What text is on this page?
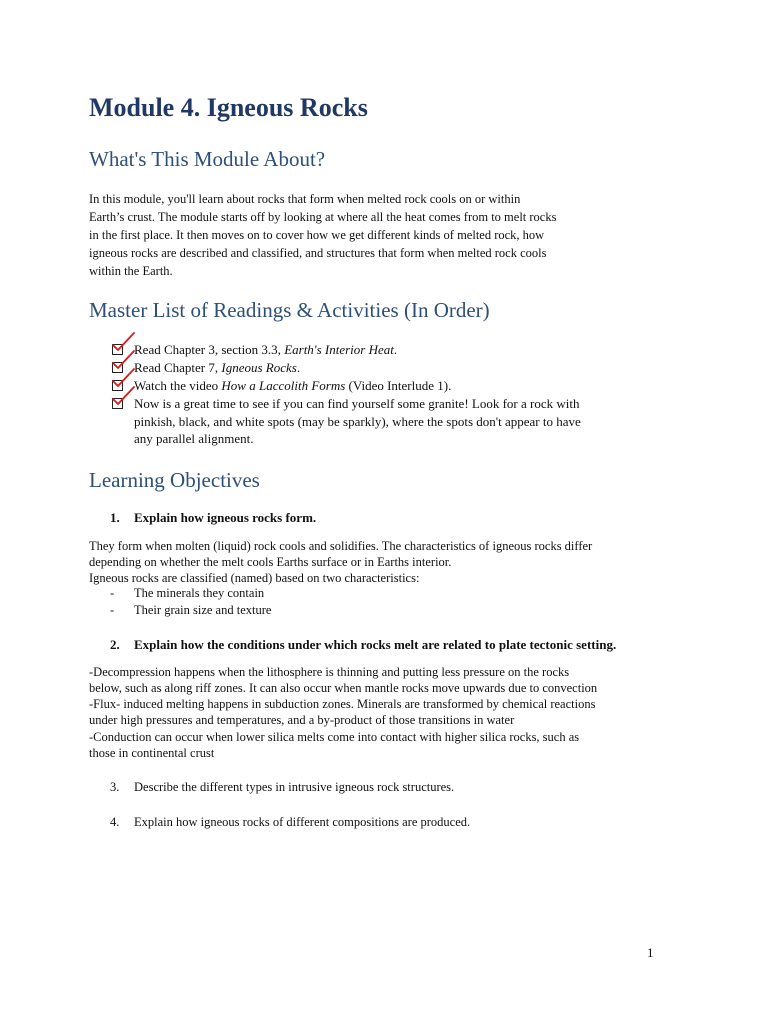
Module 4. Igneous Rocks
What's This Module About?

In this module, you'll learn about rocks that form when melted rock cools on or within

Earth’s crust. The module starts off by looking at where all the heat comes from to melt rocks

in the first place. It then moves on to cover how we get different kinds of melted rock, how

igneous rocks are described and classified, and structures that form when melted rock cools

within the Earth.

Master List of Readings & Activities (In Order)
Read Chapter 3, section 3.3, Earth's Interior Heat.
Read Chapter 7, Igneous Rocks.
Watch the video How a Laccolith Forms (Video Interlude 1).
Now is a great time to see if you can find yourself some granite! Look for a rock with
pinkish, black, and white spots (may be sparkly), where the spots don't appear to have
any parallel alignment.
Learning Objectives
1. Explain how igneous rocks form.

They form when molten (liquid) rock cools and solidifies. The characteristics of igneous rocks differ

depending on whether the melt cools Earths surface or in Earths interior.

Igneous rocks are classified (named) based on two characteristics:

- The minerals they contain
- Their grain size and texture
2. Explain how the conditions under which rocks melt are related to plate tectonic setting.

-Decompression happens when the lithosphere is thinning and putting less pressure on the rocks

below, such as along riff zones. It can also occur when mantle rocks move upwards due to convection

-Flux- induced melting happens in subduction zones. Minerals are transformed by chemical reactions

under high pressures and temperatures, and a by-product of those transitions in water

-Conduction can occur when lower silica melts come into contact with higher silica rocks, such as

those in continental crust

3. Describe the different types in intrusive igneous rock structures.
4. Explain how igneous rocks of different compositions are produced.
1
